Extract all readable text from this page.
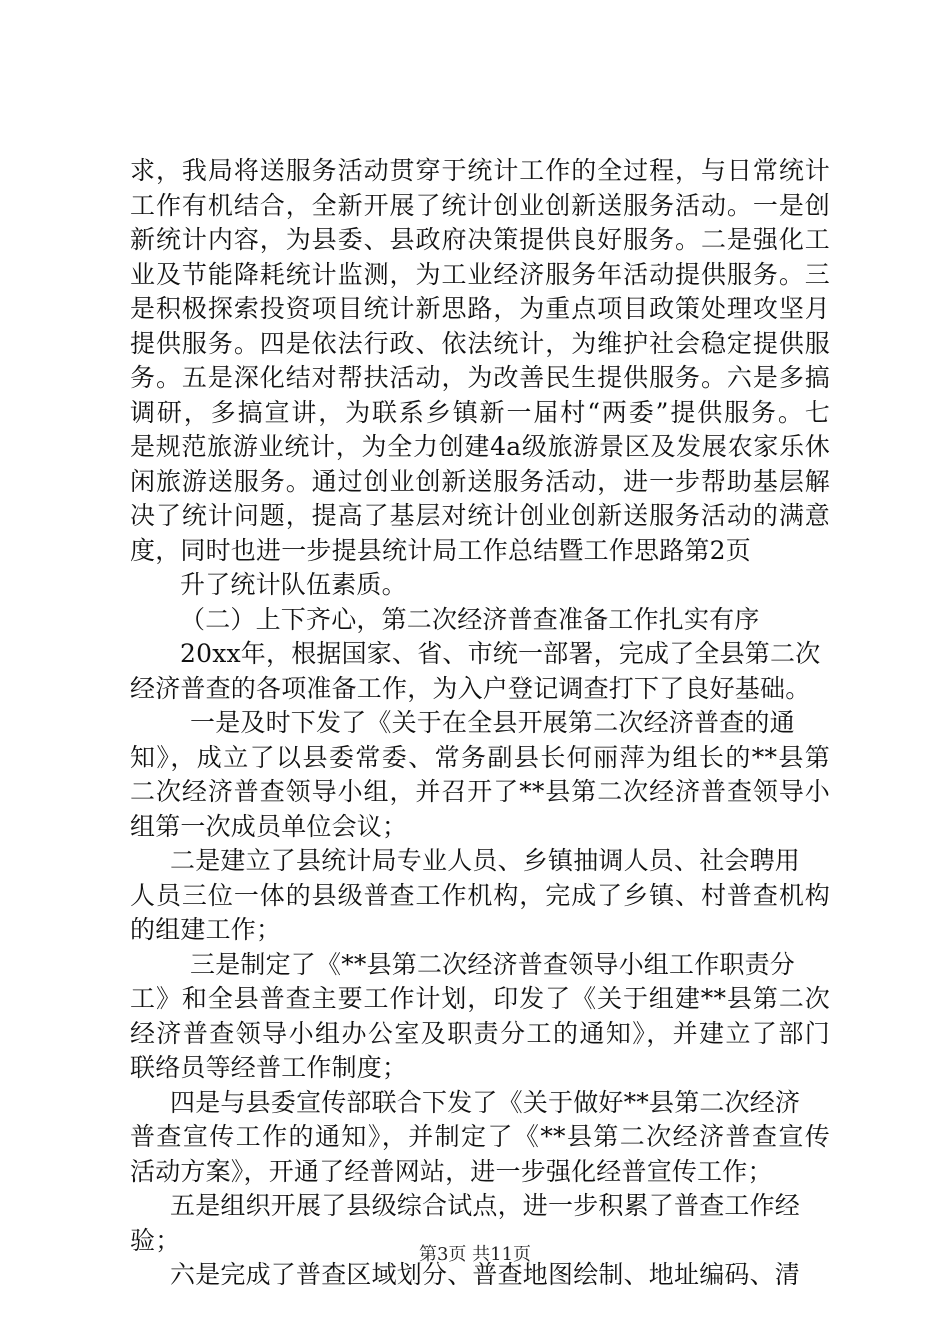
求，我局将送服务活动贯穿于统计工作的全过程，与日常统计
工作有机结合，全新开展了统计创业创新送服务活动。一是创
新统计内容，为县委、县政府决策提供良好服务。二是强化工
业及节能降耗统计监测，为工业经济服务年活动提供服务。三
是积极探索投资项目统计新思路，为重点项目政策处理攻坚月
提供服务。四是依法行政、依法统计，为维护社会稳定提供服
务。五是深化结对帮扶活动，为改善民生提供服务。六是多搞
调研，多搞宣讲，为联系乡镇新一届村“两委”提供服务。七
是规范旅游业统计，为全力创建4a级旅游景区及发展农家乐休
闲旅游送服务。通过创业创新送服务活动，进一步帮助基层解
决了统计问题，提高了基层对统计创业创新送服务活动的满意
度，同时也进一步提县统计局工作总结暨工作思路第2页
升了统计队伍素质。
（二）上下齐心，第二次经济普查准备工作扎实有序
20xx年，根据国家、省、市统一部署，完成了全县第二次
经济普查的各项准备工作，为入户登记调查打下了良好基础。
一是及时下发了《关于在全县开展第二次经济普查的通
知》，成立了以县委常委、常务副县长何丽萍为组长的**县第
二次经济普查领导小组，并召开了**县第二次经济普查领导小
组第一次成员单位会议；
二是建立了县统计局专业人员、乡镇抽调人员、社会聘用
人员三位一体的县级普查工作机构，完成了乡镇、村普查机构
的组建工作；
三是制定了《**县第二次经济普查领导小组工作职责分
工》和全县普查主要工作计划，印发了《关于组建**县第二次
经济普查领导小组办公室及职责分工的通知》，并建立了部门
联络员等经普工作制度；
四是与县委宣传部联合下发了《关于做好**县第二次经济
普查宣传工作的通知》，并制定了《**县第二次经济普查宣传
活动方案》，开通了经普网站，进一步强化经普宣传工作；
五是组织开展了县级综合试点，进一步积累了普查工作经
验；
六是完成了普查区域划分、普查地图绘制、地址编码、清
第3页 共11页
